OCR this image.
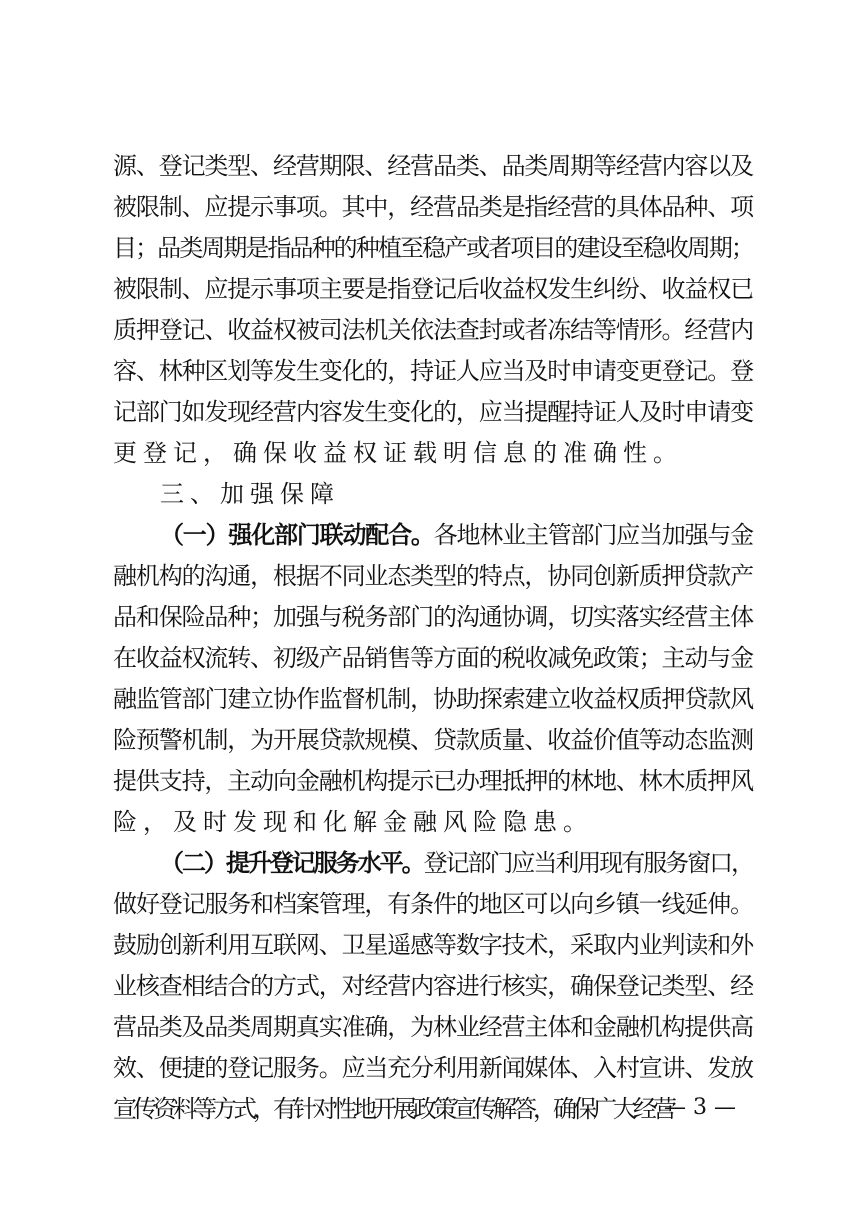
源、登记类型、经营期限、经营品类、品类周期等经营内容以及
被限制、应提示事项。其中，经营品类是指经营的具体品种、项
目；品类周期是指品种的种植至稳产或者项目的建设至稳收周期；
被限制、应提示事项主要是指登记后收益权发生纠纷、收益权已
质押登记、收益权被司法机关依法查封或者冻结等情形。经营内
容、林种区划等发生变化的，持证人应当及时申请变更登记。登
记部门如发现经营内容发生变化的，应当提醒持证人及时申请变
更登记，确保收益权证载明信息的准确性。
三、加强保障
（一）强化部门联动配合。各地林业主管部门应当加强与金
融机构的沟通，根据不同业态类型的特点，协同创新质押贷款产
品和保险品种；加强与税务部门的沟通协调，切实落实经营主体
在收益权流转、初级产品销售等方面的税收减免政策；主动与金
融监管部门建立协作监督机制，协助探索建立收益权质押贷款风
险预警机制，为开展贷款规模、贷款质量、收益价值等动态监测
提供支持，主动向金融机构提示已办理抵押的林地、林木质押风
险，及时发现和化解金融风险隐患。
（二）提升登记服务水平。登记部门应当利用现有服务窗口，
做好登记服务和档案管理，有条件的地区可以向乡镇一线延伸。
鼓励创新利用互联网、卫星遥感等数字技术，采取内业判读和外
业核查相结合的方式，对经营内容进行核实，确保登记类型、经
营品类及品类周期真实准确，为林业经营主体和金融机构提供高
效、便捷的登记服务。应当充分利用新闻媒体、入村宣讲、发放
宣传资料等方式，有针对性地开展政策宣传解答，确保广大经营
— 3 —
